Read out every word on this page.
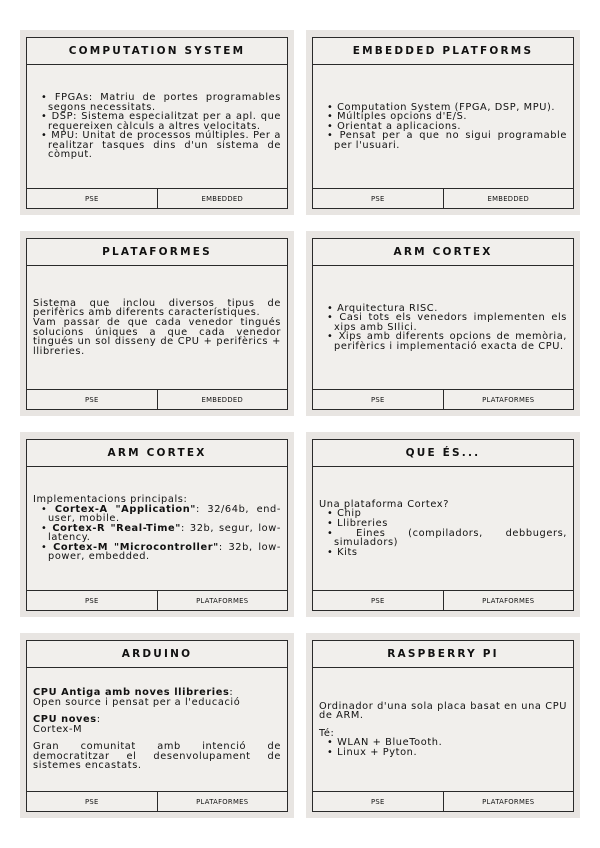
COMPUTATION SYSTEM
• FPGAs: Matriu de portes programables segons necessitats.
• DSP: Sistema especialitzat per a apl. que requereixen càlculs a altres velocitats.
• MPU: Unitat de processos múltiples. Per a realitzar tasques dins d'un sistema de còmput.
PSE	EMBEDDED
EMBEDDED PLATFORMS
• Computation System (FPGA, DSP, MPU).
• Múltiples opcions d'E/S.
• Orientat a aplicacions.
• Pensat per a que no sigui programable per l'usuari.
PSE	EMBEDDED
PLATAFORMES

Sistema que inclou diversos tipus de perifèrics amb diferents característiques.

Vam passar de que cada venedor tingués solucions úniques a que cada venedor tingués un sol disseny de CPU + perifèrics + llibreries.

PSE	EMBEDDED
ARM CORTEX
• Arquitectura RISC.
• Casi tots els venedors implementen els xips amb SIlici.
• Xips amb diferents opcions de memòria, perifèrics i implementació exacta de CPU.
PSE	PLATAFORMES
ARM CORTEX

Implementacions principals:

• Cortex-A "Application": 32/64b, end-user, mobile.
• Cortex-R "Real-Time": 32b, segur, low-latency.
• Cortex-M "Microcontroller": 32b, low-power, embedded.
PSE	PLATAFORMES
QUE ÉS...

Una plataforma Cortex?

• Chip
• Llibreries
• Eines (compiladors, debbugers, simuladors)
• Kits
PSE	PLATAFORMES
ARDUINO

CPU Antiga amb noves llibreries:

Open source i pensat per a l'educació

CPU noves:

Cortex-M

Gran comunitat amb intenció de democratitzar el desenvolupament de sistemes encastats.

PSE	PLATAFORMES
RASPBERRY PI

Ordinador d'una sola placa basat en una CPU de ARM.

Té:

• WLAN + BlueTooth.
• Linux + Pyton.
PSE	PLATAFORMES
